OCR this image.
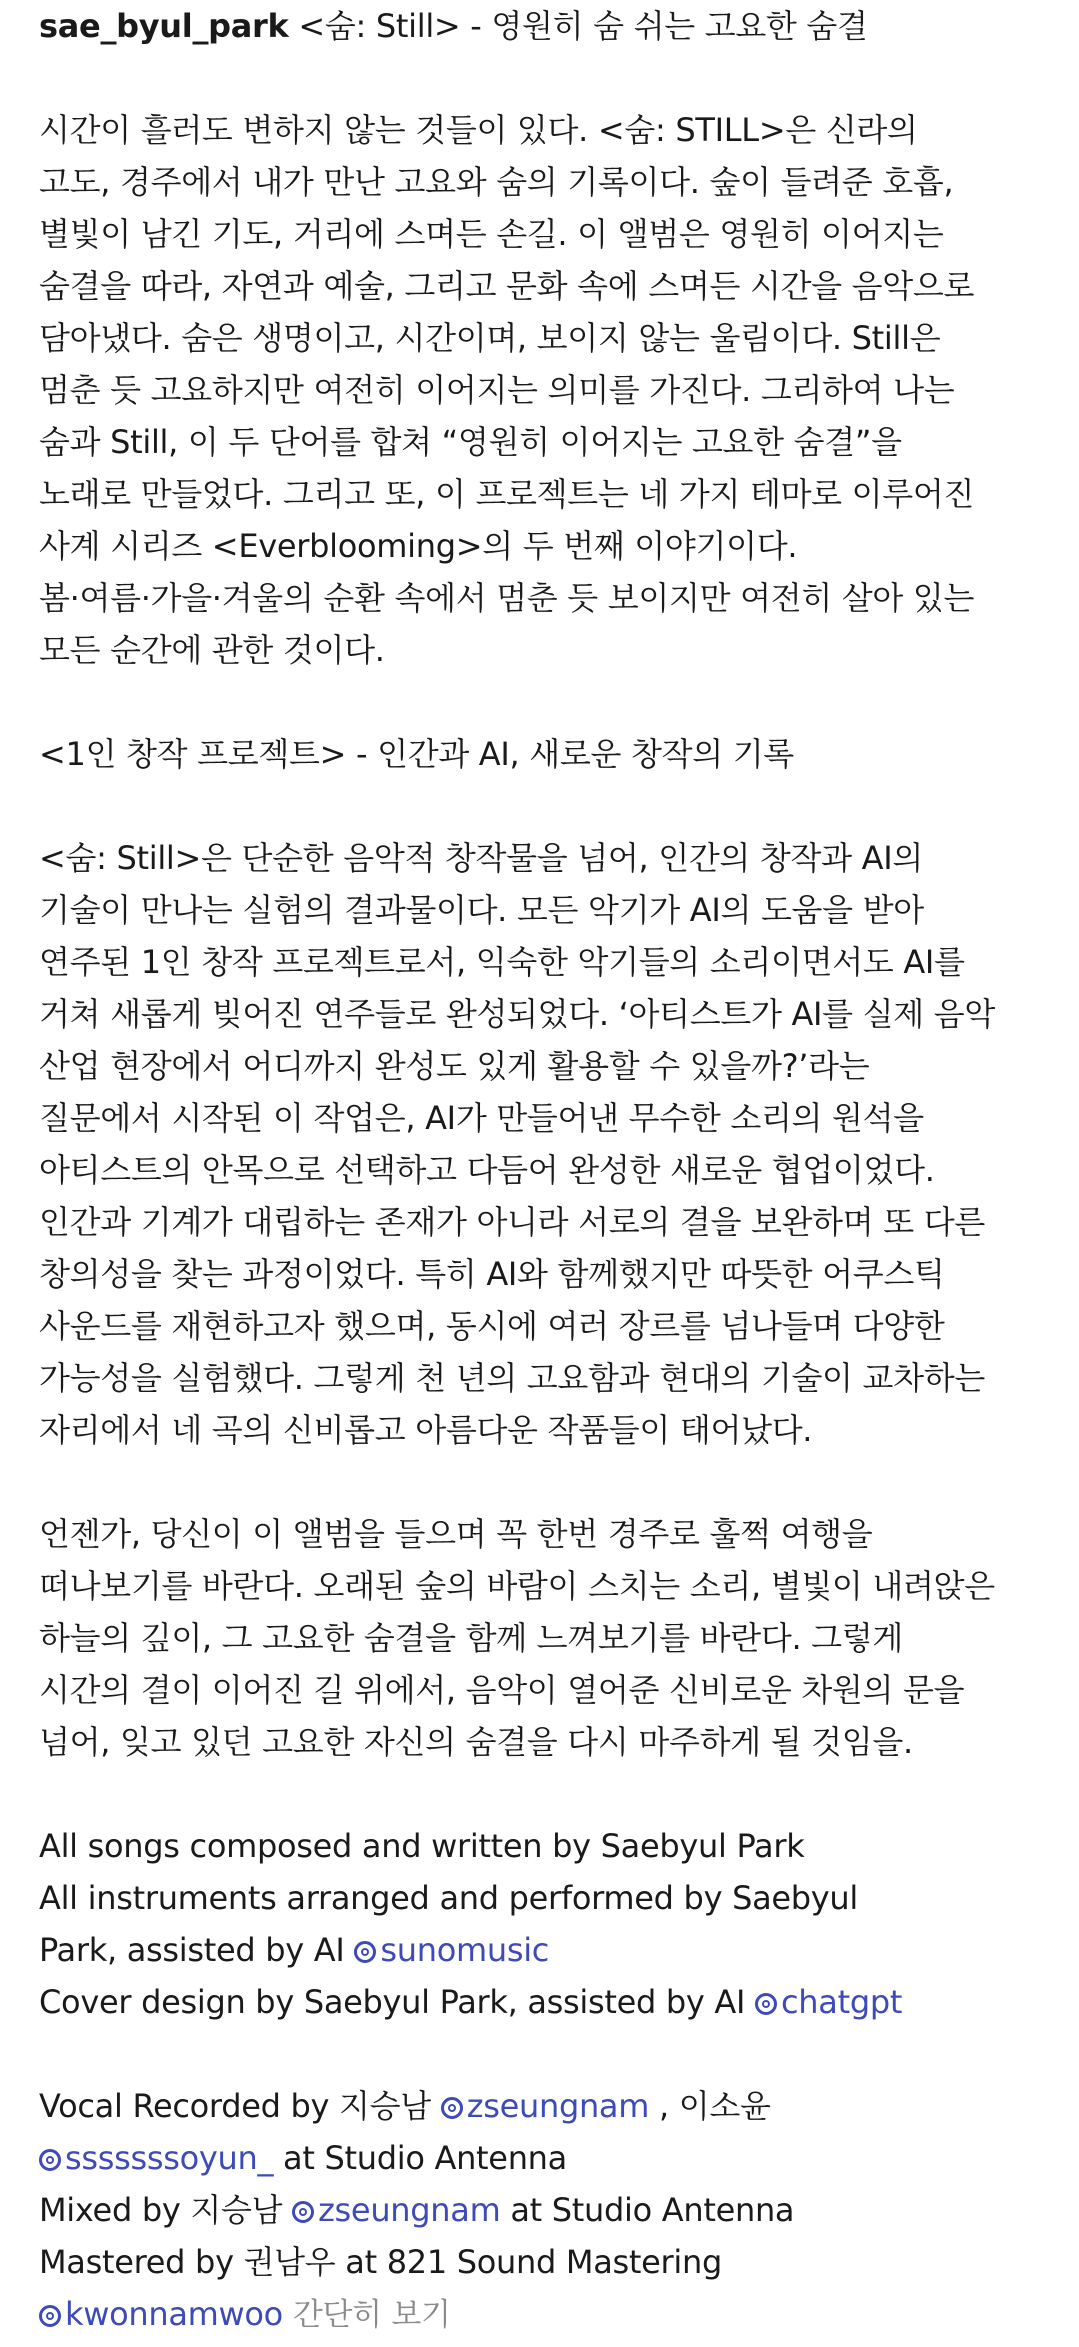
sae_byul_park <숨: Still> - 영원히 숨 쉬는 고요한 숨결
시간이 흘러도 변하지 않는 것들이 있다. <숨: STILL>은 신라의
고도, 경주에서 내가 만난 고요와 숨의 기록이다. 숲이 들려준 호흡,
별빛이 남긴 기도, 거리에 스며든 손길. 이 앨범은 영원히 이어지는
숨결을 따라, 자연과 예술, 그리고 문화 속에 스며든 시간을 음악으로
담아냈다. 숨은 생명이고, 시간이며, 보이지 않는 울림이다. Still은
멈춘 듯 고요하지만 여전히 이어지는 의미를 가진다. 그리하여 나는
숨과 Still, 이 두 단어를 합쳐 “영원히 이어지는 고요한 숨결”을
노래로 만들었다. 그리고 또, 이 프로젝트는 네 가지 테마로 이루어진
사계 시리즈 <Everblooming>의 두 번째 이야기이다.
봄·여름·가을·겨울의 순환 속에서 멈춘 듯 보이지만 여전히 살아 있는
모든 순간에 관한 것이다.
<1인 창작 프로젝트> - 인간과 AI, 새로운 창작의 기록
<숨: Still>은 단순한 음악적 창작물을 넘어, 인간의 창작과 AI의
기술이 만나는 실험의 결과물이다. 모든 악기가 AI의 도움을 받아
연주된 1인 창작 프로젝트로서, 익숙한 악기들의 소리이면서도 AI를
거쳐 새롭게 빚어진 연주들로 완성되었다. ‘아티스트가 AI를 실제 음악
산업 현장에서 어디까지 완성도 있게 활용할 수 있을까?’라는
질문에서 시작된 이 작업은, AI가 만들어낸 무수한 소리의 원석을
아티스트의 안목으로 선택하고 다듬어 완성한 새로운 협업이었다.
인간과 기계가 대립하는 존재가 아니라 서로의 결을 보완하며 또 다른
창의성을 찾는 과정이었다. 특히 AI와 함께했지만 따뜻한 어쿠스틱
사운드를 재현하고자 했으며, 동시에 여러 장르를 넘나들며 다양한
가능성을 실험했다. 그렇게 천 년의 고요함과 현대의 기술이 교차하는
자리에서 네 곡의 신비롭고 아름다운 작품들이 태어났다.
언젠가, 당신이 이 앨범을 들으며 꼭 한번 경주로 훌쩍 여행을
떠나보기를 바란다. 오래된 숲의 바람이 스치는 소리, 별빛이 내려앉은
하늘의 깊이, 그 고요한 숨결을 함께 느껴보기를 바란다. 그렇게
시간의 결이 이어진 길 위에서, 음악이 열어준 신비로운 차원의 문을
넘어, 잊고 있던 고요한 자신의 숨결을 다시 마주하게 될 것임을.
All songs composed and written by Saebyul Park
All instruments arranged and performed by Saebyul
Park, assisted by AI sunomusic
Cover design by Saebyul Park, assisted by AI chatgpt
Vocal Recorded by 지승남 zseungnam , 이소윤
sssssssoyun_ at Studio Antenna
Mixed by 지승남 zseungnam at Studio Antenna
Mastered by 권남우 at 821 Sound Mastering
kwonnamwoo 간단히 보기
